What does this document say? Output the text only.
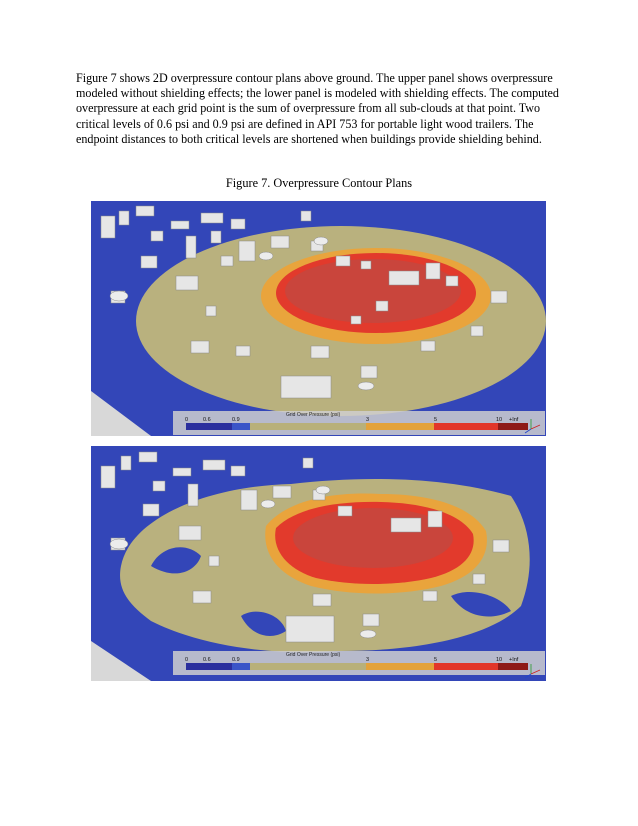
Figure 7 shows 2D overpressure contour plans above ground. The upper panel shows overpressure modeled without shielding effects; the lower panel is modeled with shielding effects. The computed overpressure at each grid point is the sum of overpressure from all sub-clouds at that point. Two critical levels of 0.6 psi and 0.9 psi are defined in API 753 for portable light wood trailers. The endpoint distances to both critical levels are shortened when buildings provide shielding behind.

Figure 7. Overpressure Contour Plans

Grid Over Pressure (psi)
0	0.6	0.9	3	5	10 +Inf
Grid Over Pressure (psi)
0	0.6	0.9	3	5	10 +Inf
